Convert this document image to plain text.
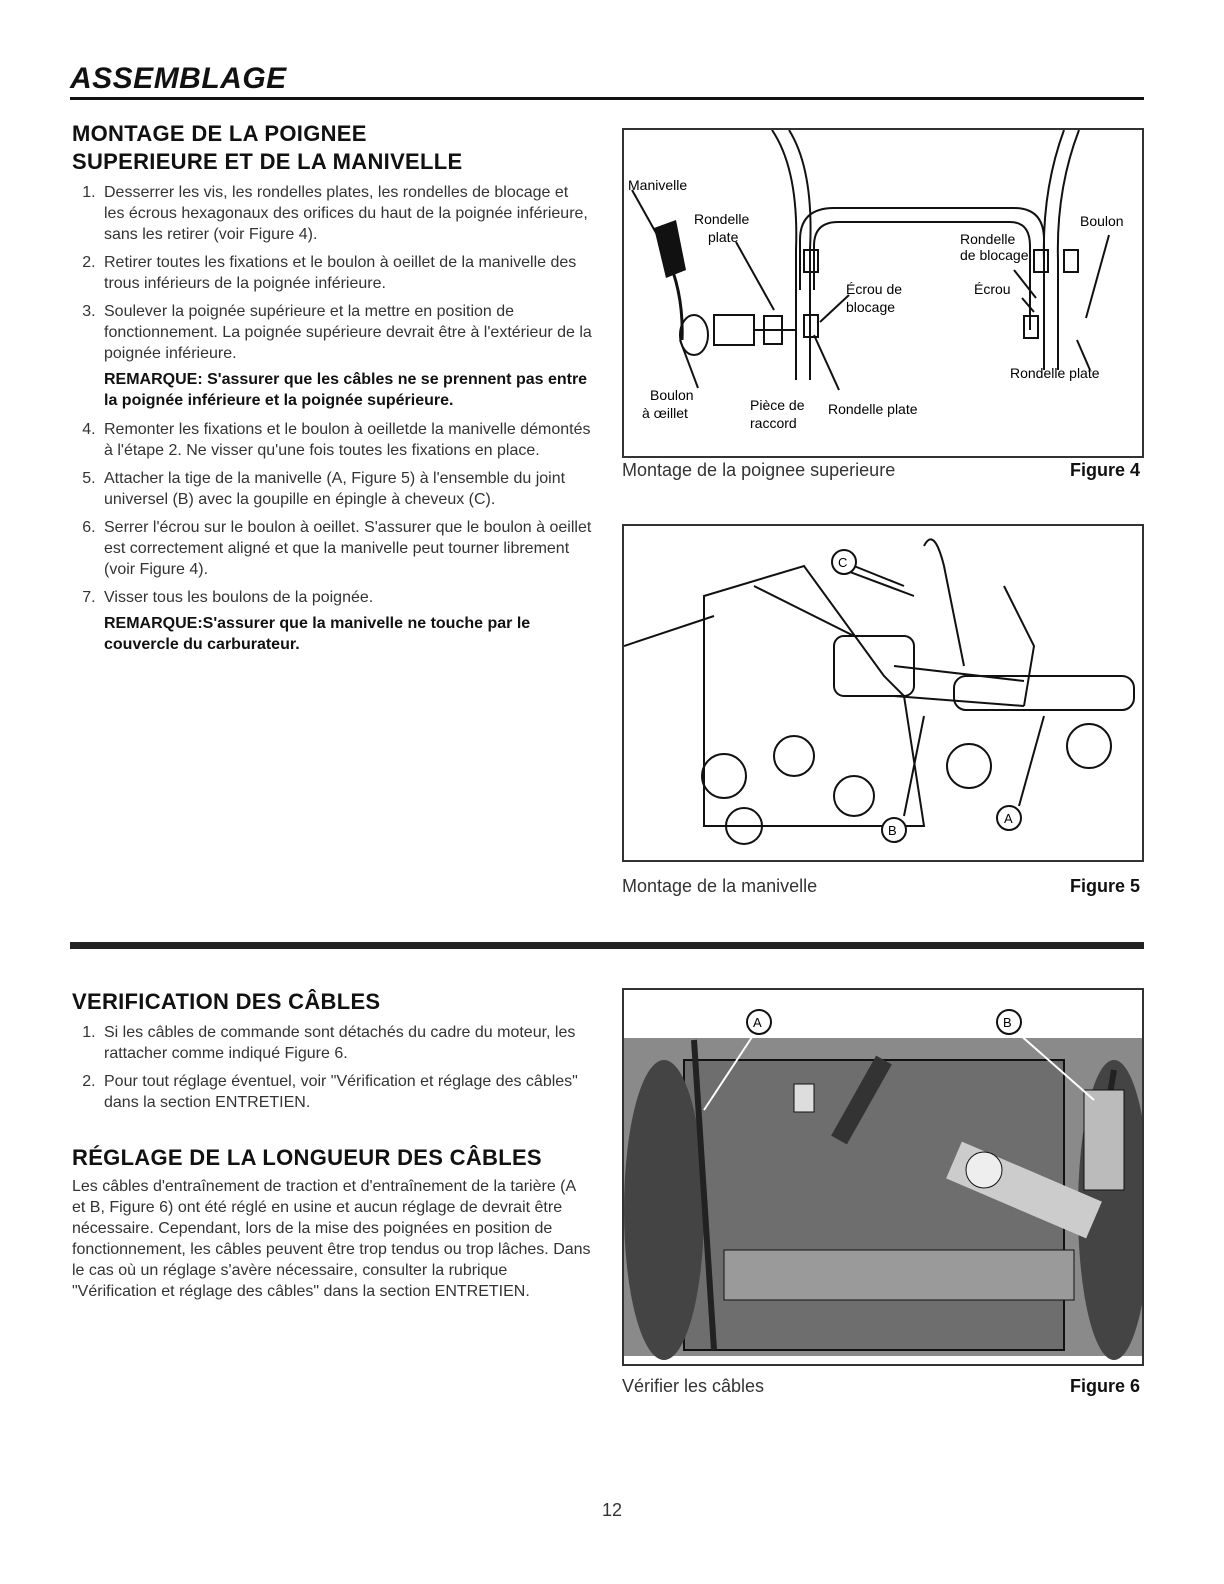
ASSEMBLAGE
MONTAGE DE LA POIGNEE
SUPERIEURE ET DE LA MANIVELLE
1. Desserrer les vis, les rondelles plates, les rondelles de blocage et les écrous hexagonaux des orifices du haut de la poignée inférieure, sans les retirer (voir Figure 4).
2. Retirer toutes les fixations et le boulon à oeillet de la manivelle des trous inférieurs de la poignée inférieure.
3. Soulever la poignée supérieure et la mettre en position de fonctionnement. La poignée supérieure devrait être à l'extérieur de la poignée inférieure.
REMARQUE: S'assurer que les câbles ne se prennent pas entre la poignée inférieure et la poignée supérieure.
4. Remonter les fixations et le boulon à oeilletde la manivelle démontés à l'étape 2. Ne visser qu'une fois toutes les fixations en place.
5. Attacher la tige de la manivelle (A, Figure 5) à l'ensemble du joint universel (B) avec la goupille en épingle à cheveux (C).
6. Serrer l'écrou sur le boulon à oeillet. S'assurer que le boulon à oeillet est correctement aligné et que la manivelle peut tourner librement (voir Figure 4).
7. Visser tous les boulons de la poignée.
REMARQUE:S'assurer que la manivelle ne touche par le couvercle du carburateur.
Manivelle
Rondelle
plate
Écrou de
blocage
Rondelle
de blocage
Écrou
Boulon
Rondelle plate
Boulon
à œillet	Pièce de
raccord
Rondelle plate
Montage de la poignee superieure	Figure 4
C
B
A
Montage de la manivelle	Figure 5
VERIFICATION DES CÂBLES
1. Si les câbles de commande sont détachés du cadre du moteur, les rattacher comme indiqué Figure 6.
2. Pour tout réglage éventuel, voir "Vérification et réglage des câbles" dans la section ENTRETIEN.
RÉGLAGE DE LA LONGUEUR DES CÂBLES

Les câbles d'entraînement de traction et d'entraînement de la tarière (A et B, Figure 6) ont été réglé en usine et aucun réglage de devrait être nécessaire. Cependant, lors de la mise des poignées en position de fonctionnement, les câbles peuvent être trop tendus ou trop lâches. Dans le cas où un réglage s'avère nécessaire, consulter la rubrique "Vérification et réglage des câbles" dans la section ENTRETIEN.

A	B
Vérifier les câbles	Figure 6
12
